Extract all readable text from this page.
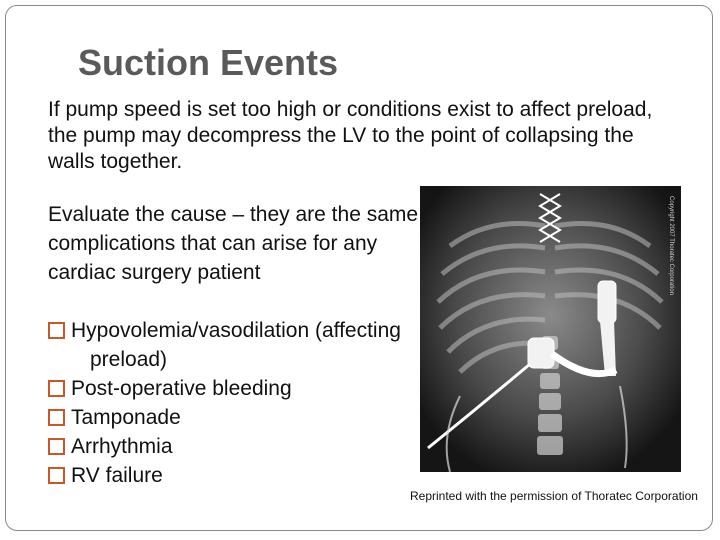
Suction Events

If pump speed is set too high or conditions exist to affect preload, the pump may decompress the LV to the point of collapsing the walls together.

Evaluate the cause – they are the same complications that can arise for any cardiac surgery patient

Hypovolemia/vasodilation (affecting
preload)
Post-operative bleeding
Tamponade
Arrhythmia
RV failure
Copyright 2007 Thoratec Corporation
Reprinted with the permission of Thoratec Corporation
